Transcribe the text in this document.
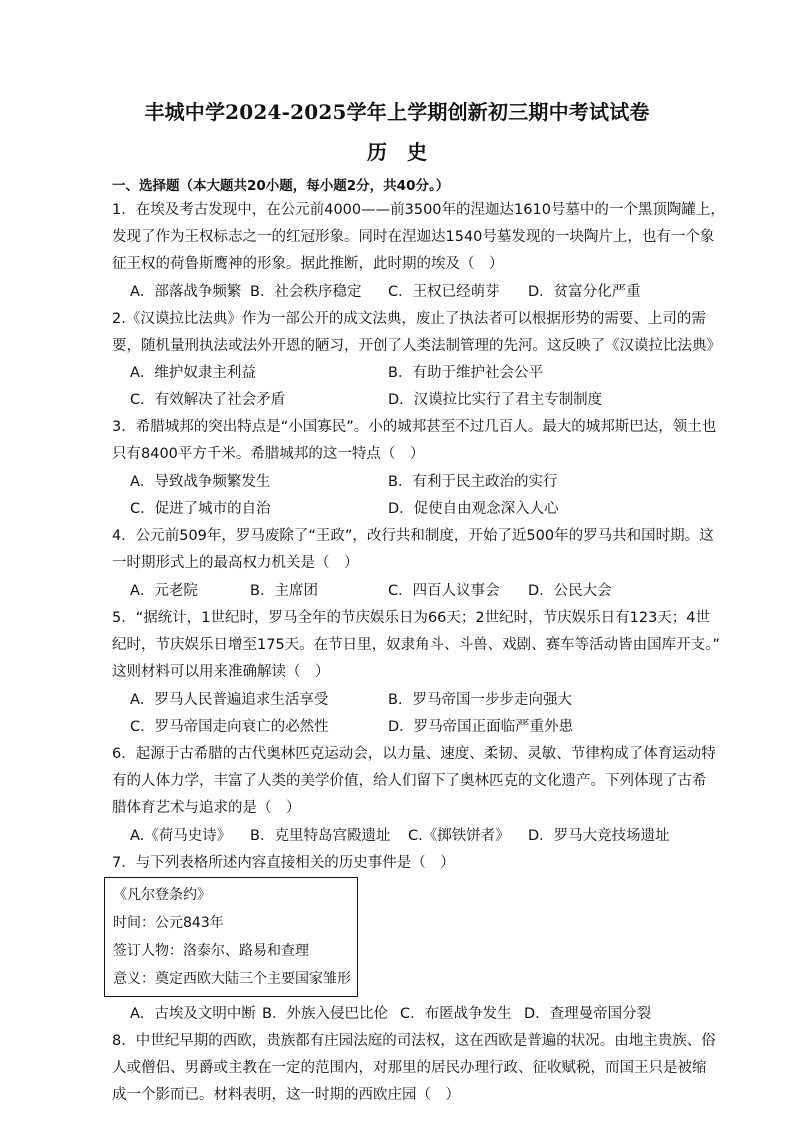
丰城中学2024-2025学年上学期创新初三期中考试试卷
历　史
一、选择题（本大题共20小题，每小题2分，共40分。）
1．在埃及考古发现中，在公元前4000——前3500年的涅迦达1610号墓中的一个黑顶陶罐上，
发现了作为王权标志之一的红冠形象。同时在涅迦达1540号墓发现的一块陶片上，也有一个象
征王权的荷鲁斯鹰神的形象。据此推断，此时期的埃及（　）
A．部落战争频繁 B．社会秩序稳定 C．王权已经萌芽 D．贫富分化严重
2.《汉谟拉比法典》作为一部公开的成文法典，废止了执法者可以根据形势的需要、上司的需
要，随机量刑执法或法外开恩的陋习，开创了人类法制管理的先河。这反映了《汉谟拉比法典》
A．维护奴隶主利益	B．有助于维护社会公平
C．有效解决了社会矛盾	D．汉谟拉比实行了君主专制制度
3．希腊城邦的突出特点是“小国寡民”。小的城邦甚至不过几百人。最大的城邦斯巴达，领土也
只有8400平方千米。希腊城邦的这一特点（　）
A．导致战争频繁发生	B．有利于民主政治的实行
C．促进了城市的自治	D．促使自由观念深入人心
4．公元前509年，罗马废除了“王政”，改行共和制度，开始了近500年的罗马共和国时期。这
一时期形式上的最高权力机关是（　）
A．元老院	B．主席团	C．四百人议事会 D．公民大会
5．“据统计，1世纪时，罗马全年的节庆娱乐日为66天；2世纪时，节庆娱乐日有123天；4世
纪时，节庆娱乐日增至175天。在节日里，奴隶角斗、斗兽、戏剧、赛车等活动皆由国库开支。”
这则材料可以用来准确解读（　）
A．罗马人民普遍追求生活享受	B．罗马帝国一步步走向强大
C．罗马帝国走向衰亡的必然性	D．罗马帝国正面临严重外患
6．起源于古希腊的古代奥林匹克运动会，以力量、速度、柔韧、灵敏、节律构成了体育运动特
有的人体力学，丰富了人类的美学价值，给人们留下了奥林匹克的文化遗产。下列体现了古希
腊体育艺术与追求的是（　）
A.《荷马史诗》 B．克里特岛宫殿遗址 C.《掷铁饼者》 D．罗马大竞技场遗址
7．与下列表格所述内容直接相关的历史事件是（　）
《凡尔登条约》
时间：公元843年
签订人物：洛泰尔、路易和查理
意义：奠定西欧大陆三个主要国家雏形
A．古埃及文明中断 B．外族入侵巴比伦 C．布匿战争发生 D．查理曼帝国分裂
8．中世纪早期的西欧，贵族都有庄园法庭的司法权，这在西欧是普遍的状况。由地主贵族、俗
人或僧侣、男爵或主教在一定的范围内，对那里的居民办理行政、征收赋税，而国王只是被缩
成一个影而已。材料表明，这一时期的西欧庄园（　）
